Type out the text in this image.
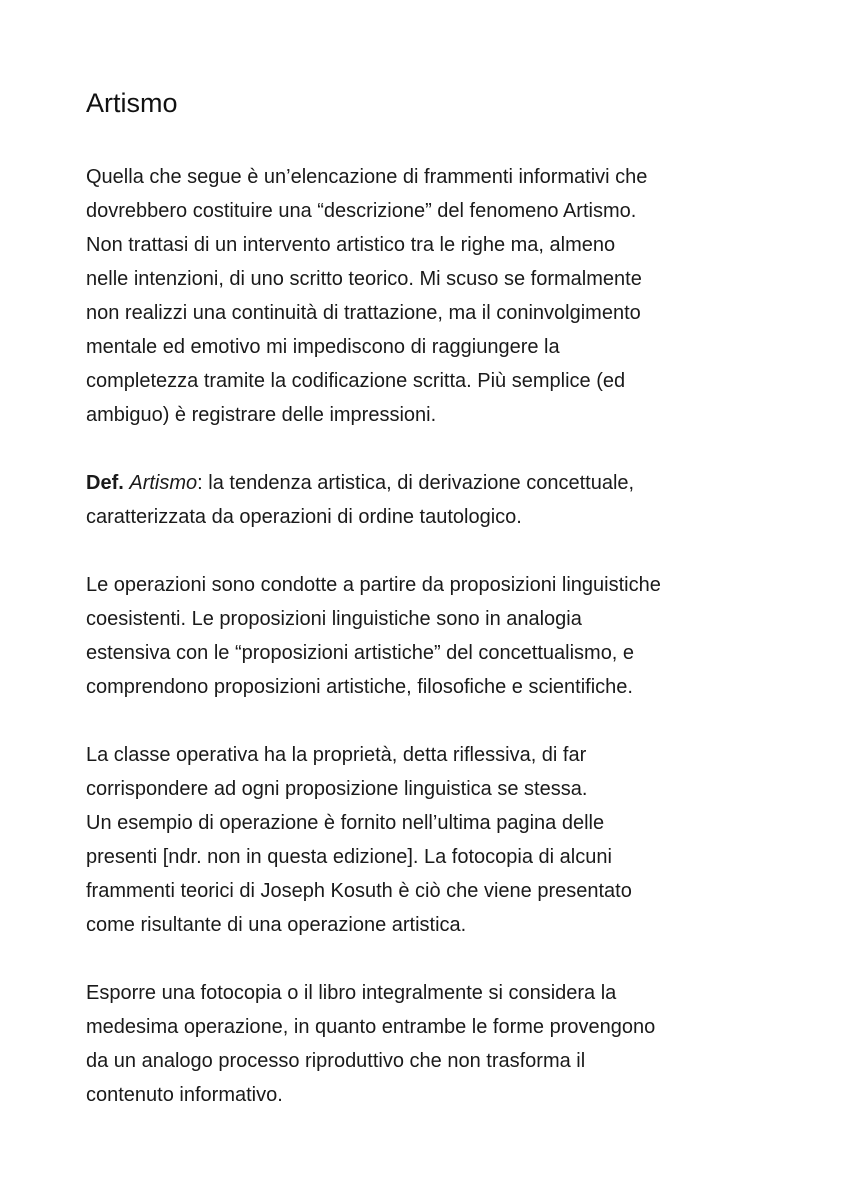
Artismo

Quella che segue è un’elencazione di frammenti informativi che
dovrebbero costituire una “descrizione” del fenomeno Artismo.
Non trattasi di un intervento artistico tra le righe ma, almeno
nelle intenzioni, di uno scritto teorico. Mi scuso se formalmente
non realizzi una continuità di trattazione, ma il coninvolgimento
mentale ed emotivo mi impediscono di raggiungere la
completezza tramite la codificazione scritta. Più semplice (ed
ambiguo) è registrare delle impressioni.

Def. Artismo: la tendenza artistica, di derivazione concettuale,
caratterizzata da operazioni di ordine tautologico.

Le operazioni sono condotte a partire da proposizioni linguistiche
coesistenti. Le proposizioni linguistiche sono in analogia
estensiva con le “proposizioni artistiche” del concettualismo, e
comprendono proposizioni artistiche, filosofiche e scientifiche.

La classe operativa ha la proprietà, detta riflessiva, di far
corrispondere ad ogni proposizione linguistica se stessa.
Un esempio di operazione è fornito nell’ultima pagina delle
presenti [ndr. non in questa edizione]. La fotocopia di alcuni
frammenti teorici di Joseph Kosuth è ciò che viene presentato
come risultante di una operazione artistica.

Esporre una fotocopia o il libro integralmente si considera la
medesima operazione, in quanto entrambe le forme provengono
da un analogo processo riproduttivo che non trasforma il
contenuto informativo.
